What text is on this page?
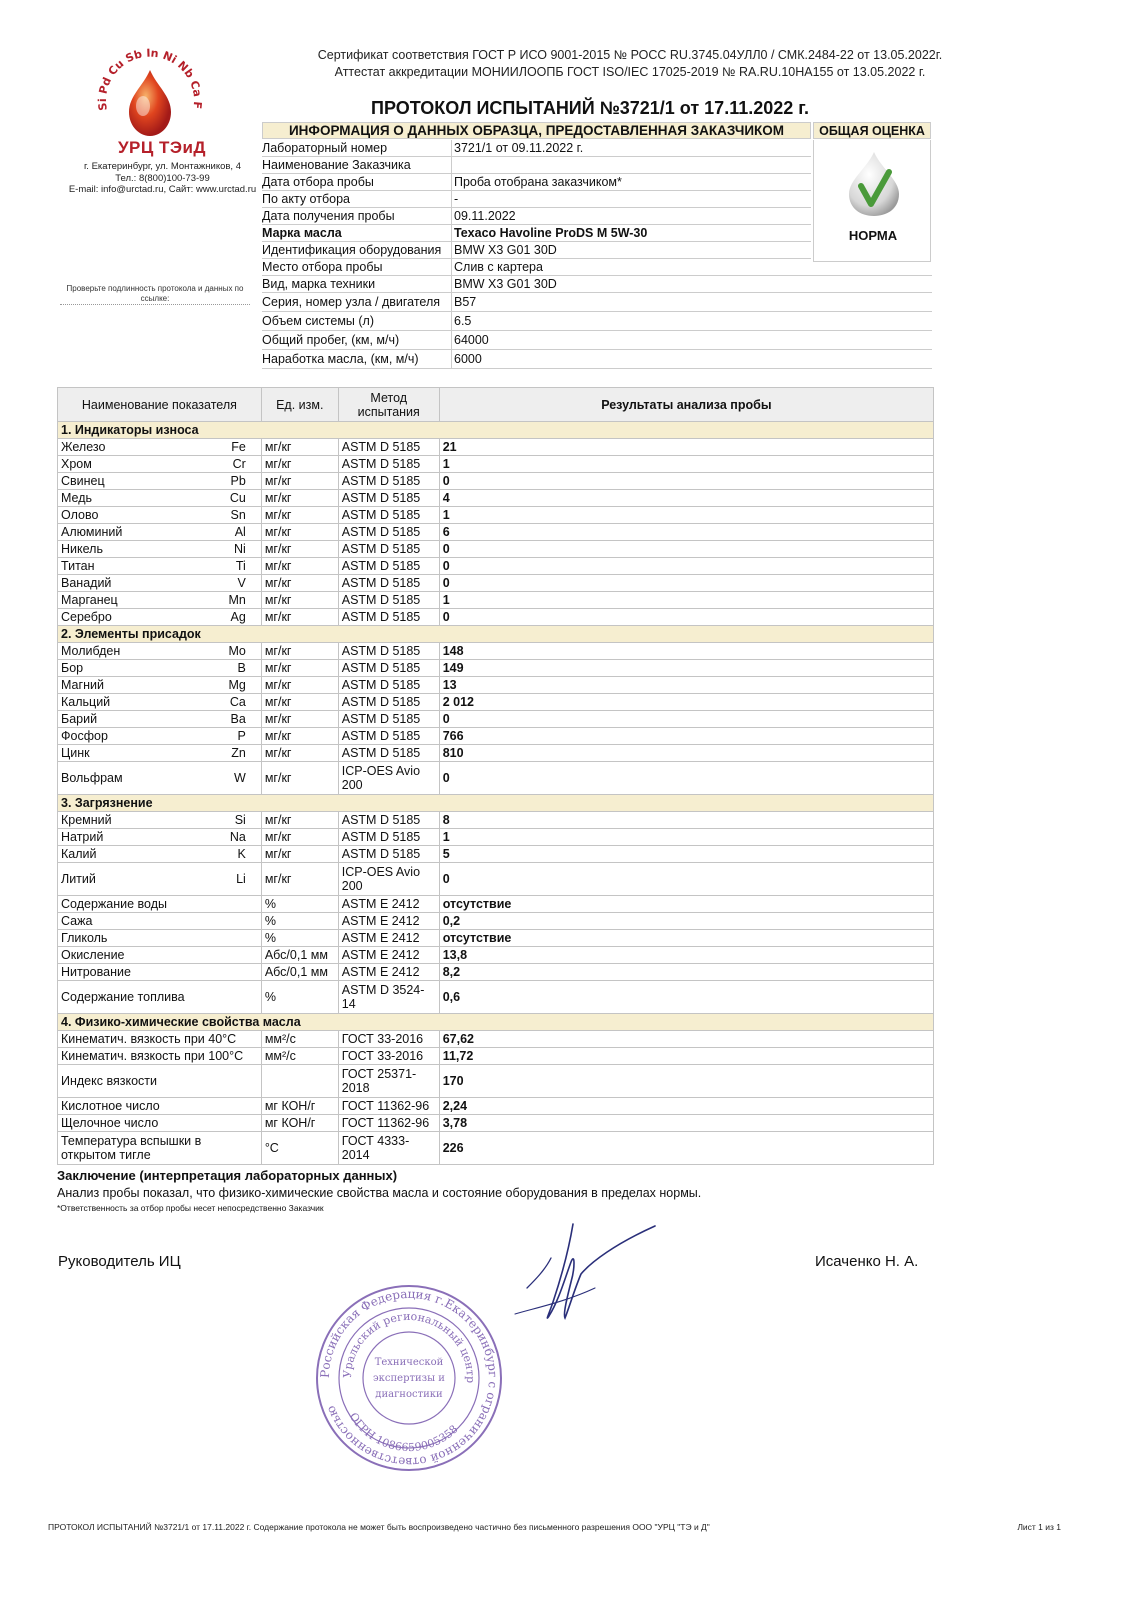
Сертификат соответствия ГОСТ Р ИСО 9001-2015 № РОСС RU.3745.04УЛЛ0 / СМК.2484-22 от 13.05.2022г.
Аттестат аккредитации МОНИИЛООПБ ГОСТ ISO/IEC 17025-2019 № RA.RU.10НА155 от 13.05.2022 г.
Si Pd Cu Sb In Ni Nb Ca F
УРЦ ТЭиД
г. Екатеринбург, ул. Монтажников, 4
Тел.: 8(800)100-73-99
E-mail: info@urctad.ru, Сайт: www.urctad.ru
Проверьте подлинность протокола и данных по ссылке:
ПРОТОКОЛ ИСПЫТАНИЙ №3721/1 от 17.11.2022 г.
ИНФОРМАЦИЯ О ДАННЫХ ОБРАЗЦА, ПРЕДОСТАВЛЕННАЯ ЗАКАЗЧИКОМ	ОБЩАЯ ОЦЕНКА
НОРМА
Лабораторный номер	3721/1 от 09.11.2022 г.
Наименование Заказчика
Дата отбора пробы	Проба отобрана заказчиком*
По акту отбора	-
Дата получения пробы	09.11.2022
Марка масла	Texaco Havoline ProDS M 5W-30
Идентификация оборудования	BMW X3 G01 30D
Место отбора пробы	Слив с картера
Вид, марка техники	BMW X3 G01 30D
Серия, номер узла / двигателя	B57
Объем системы (л)	6.5
Общий пробег, (км, м/ч)	64000
Наработка масла, (км, м/ч)	6000
Наименование показателя	Ед. изм.	Метод испытания	Результаты анализа пробы
1. Индикаторы износа			

Железо Fe	мг/кг	ASTM D 5185	21

Хром Cr	мг/кг	ASTM D 5185	1

Свинец Pb	мг/кг	ASTM D 5185	0

Медь Cu	мг/кг	ASTM D 5185	4

Олово Sn	мг/кг	ASTM D 5185	1

Алюминий Al	мг/кг	ASTM D 5185	6

Никель Ni	мг/кг	ASTM D 5185	0

Титан Ti	мг/кг	ASTM D 5185	0

Ванадий V	мг/кг	ASTM D 5185	0

Марганец Mn	мг/кг	ASTM D 5185	1

Серебро Ag	мг/кг	ASTM D 5185	0
2. Элементы присадок			

Молибден Mo	мг/кг	ASTM D 5185	148

Бор B	мг/кг	ASTM D 5185	149

Магний Mg	мг/кг	ASTM D 5185	13

Кальций Ca	мг/кг	ASTM D 5185	2 012

Барий Ba	мг/кг	ASTM D 5185	0

Фосфор P	мг/кг	ASTM D 5185	766

Цинк Zn	мг/кг	ASTM D 5185	810

Вольфрам W	мг/кг	ICP-OES Avio 200	0
3. Загрязнение			

Кремний Si	мг/кг	ASTM D 5185	8

Натрий Na	мг/кг	ASTM D 5185	1

Калий K	мг/кг	ASTM D 5185	5

Литий Li	мг/кг	ICP-OES Avio 200	0

Содержание воды	%	ASTM E 2412	отсутствие

Сажа	%	ASTM E 2412	0,2

Гликоль	%	ASTM E 2412	отсутствие

Окисление	Абс/0,1 мм	ASTM E 2412	13,8

Нитрование	Абс/0,1 мм	ASTM E 2412	8,2

Содержание топлива	%	ASTM D 3524-14	0,6
4. Физико-химические свойства масла			

Кинематич. вязкость при 40°С	мм²/с	ГОСТ 33-2016	67,62

Кинематич. вязкость при 100°С	мм²/с	ГОСТ 33-2016	11,72

Индекс вязкости		ГОСТ 25371-2018	170

Кислотное число	мг КОН/г	ГОСТ 11362-96	2,24

Щелочное число	мг КОН/г	ГОСТ 11362-96	3,78

Температура вспышки в открытом тигле	°С	ГОСТ 4333-2014	226
Заключение (интерпретация лабораторных данных)
Анализ пробы показал, что физико-химические свойства масла и состояние оборудования в пределах нормы.
*Ответственность за отбор пробы несет непосредственно Заказчик
Руководитель ИЦ	Исаченко Н. А.
Российская Федерация г.Екатеринбург с ограниченной ответственностью
Уральский региональный центр
Технической
экспертизы и
диагностики
ОГРН 1086659005358
ПРОТОКОЛ ИСПЫТАНИЙ №3721/1 от 17.11.2022 г. Содержание протокола не может быть воспроизведено частично без письменного разрешения ООО "УРЦ "ТЭ и Д"	Лист 1 из 1
